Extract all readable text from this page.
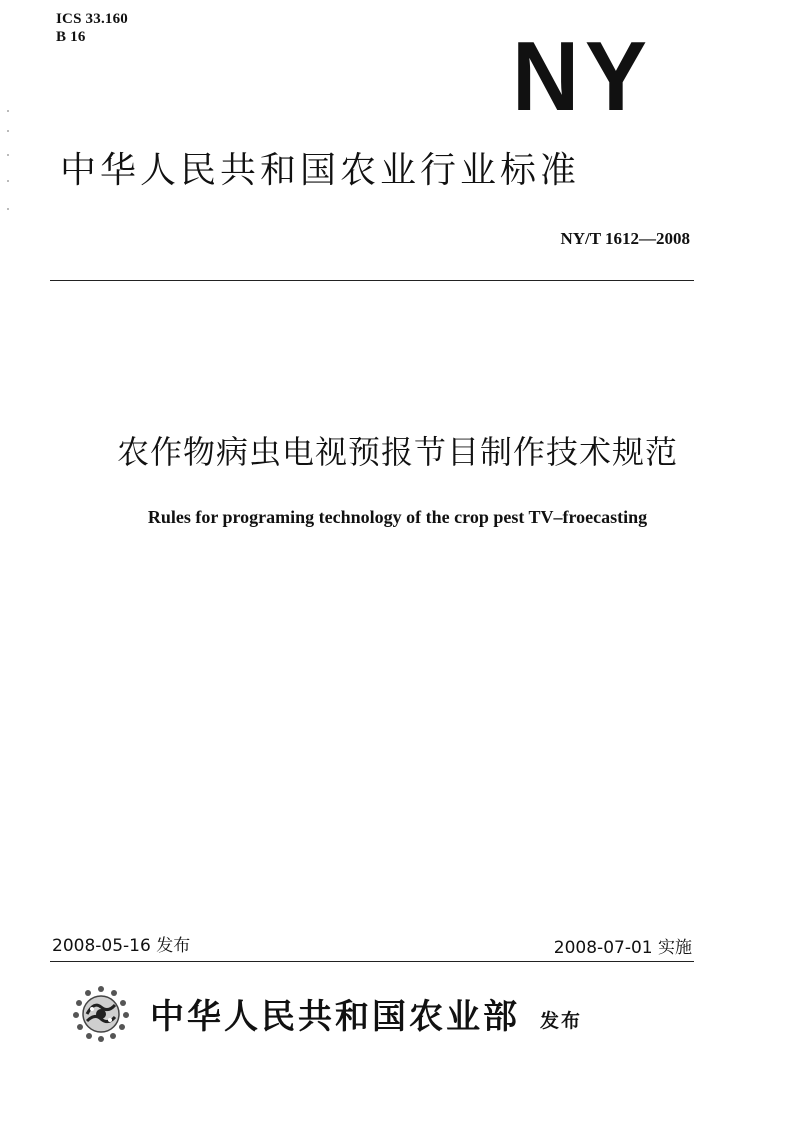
ICS 33.160
B 16	NY
中华人民共和国农业行业标准
NY/T 1612—2008
农作物病虫电视预报节目制作技术规范
Rules for programing technology of the crop pest TV–froecasting
2008-05-16 发布	2008-07-01 实施
中华人民共和国农业部 发布
